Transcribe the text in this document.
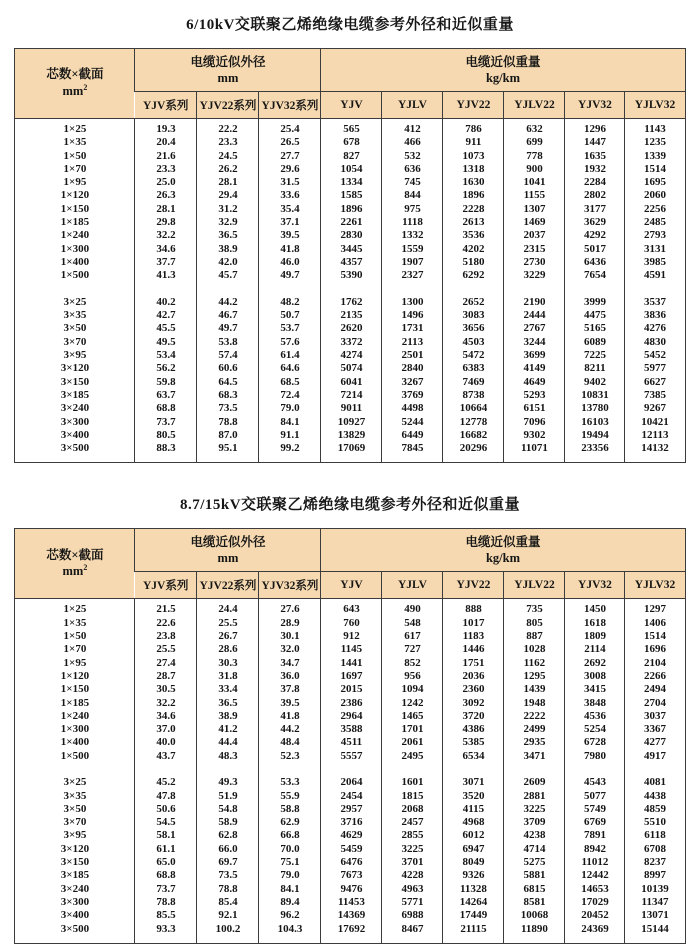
6/10kV交联聚乙烯绝缘电缆参考外径和近似重量
芯数×截面
$mm^2$

电缆近似外径
mm

电缆近似重量
kg/km

	YJV系列	YJV22系列	YJV32系列	YJV	YJLV	YJV22	YJLV22	YJV32	YJLV32
1×25	19.3	22.2	25.4	565	412	786	632	1296	1143
1×35	20.4	23.3	26.5	678	466	911	699	1447	1235
1×50	21.6	24.5	27.7	827	532	1073	778	1635	1339
1×70	23.3	26.2	29.6	1054	636	1318	900	1932	1514
1×95	25.0	28.1	31.5	1334	745	1630	1041	2284	1695
1×120	26.3	29.4	33.6	1585	844	1896	1155	2802	2060
1×150	28.1	31.2	35.4	1896	975	2228	1307	3177	2256
1×185	29.8	32.9	37.1	2261	1118	2613	1469	3629	2485
1×240	32.2	36.5	39.5	2830	1332	3536	2037	4292	2793
1×300	34.6	38.9	41.8	3445	1559	4202	2315	5017	3131
1×400	37.7	42.0	46.0	4357	1907	5180	2730	6436	3985
1×500	41.3	45.7	49.7	5390	2327	6292	3229	7654	4591

3×25	40.2	44.2	48.2	1762	1300	2652	2190	3999	3537
3×35	42.7	46.7	50.7	2135	1496	3083	2444	4475	3836
3×50	45.5	49.7	53.7	2620	1731	3656	2767	5165	4276
3×70	49.5	53.8	57.6	3372	2113	4503	3244	6089	4830
3×95	53.4	57.4	61.4	4274	2501	5472	3699	7225	5452
3×120	56.2	60.6	64.6	5074	2840	6383	4149	8211	5977
3×150	59.8	64.5	68.5	6041	3267	7469	4649	9402	6627
3×185	63.7	68.3	72.4	7214	3769	8738	5293	10831	7385
3×240	68.8	73.5	79.0	9011	4498	10664	6151	13780	9267
3×300	73.7	78.8	84.1	10927	5244	12778	7096	16103	10421
3×400	80.5	87.0	91.1	13829	6449	16682	9302	19494	12113
3×500	88.3	95.1	99.2	17069	7845	20296	11071	23356	14132
8.7/15kV交联聚乙烯绝缘电缆参考外径和近似重量
芯数×截面
$mm^2$

电缆近似外径
mm

电缆近似重量
kg/km

	YJV系列	YJV22系列	YJV32系列	YJV	YJLV	YJV22	YJLV22	YJV32	YJLV32
1×25	21.5	24.4	27.6	643	490	888	735	1450	1297
1×35	22.6	25.5	28.9	760	548	1017	805	1618	1406
1×50	23.8	26.7	30.1	912	617	1183	887	1809	1514
1×70	25.5	28.6	32.0	1145	727	1446	1028	2114	1696
1×95	27.4	30.3	34.7	1441	852	1751	1162	2692	2104
1×120	28.7	31.8	36.0	1697	956	2036	1295	3008	2266
1×150	30.5	33.4	37.8	2015	1094	2360	1439	3415	2494
1×185	32.2	36.5	39.5	2386	1242	3092	1948	3848	2704
1×240	34.6	38.9	41.8	2964	1465	3720	2222	4536	3037
1×300	37.0	41.2	44.2	3588	1701	4386	2499	5254	3367
1×400	40.0	44.4	48.4	4511	2061	5385	2935	6728	4277
1×500	43.7	48.3	52.3	5557	2495	6534	3471	7980	4917

3×25	45.2	49.3	53.3	2064	1601	3071	2609	4543	4081
3×35	47.8	51.9	55.9	2454	1815	3520	2881	5077	4438
3×50	50.6	54.8	58.8	2957	2068	4115	3225	5749	4859
3×70	54.5	58.9	62.9	3716	2457	4968	3709	6769	5510
3×95	58.1	62.8	66.8	4629	2855	6012	4238	7891	6118
3×120	61.1	66.0	70.0	5459	3225	6947	4714	8942	6708
3×150	65.0	69.7	75.1	6476	3701	8049	5275	11012	8237
3×185	68.8	73.5	79.0	7673	4228	9326	5881	12442	8997
3×240	73.7	78.8	84.1	9476	4963	11328	6815	14653	10139
3×300	78.8	85.4	89.4	11453	5771	14264	8581	17029	11347
3×400	85.5	92.1	96.2	14369	6988	17449	10068	20452	13071
3×500	93.3	100.2	104.3	17692	8467	21115	11890	24369	15144
